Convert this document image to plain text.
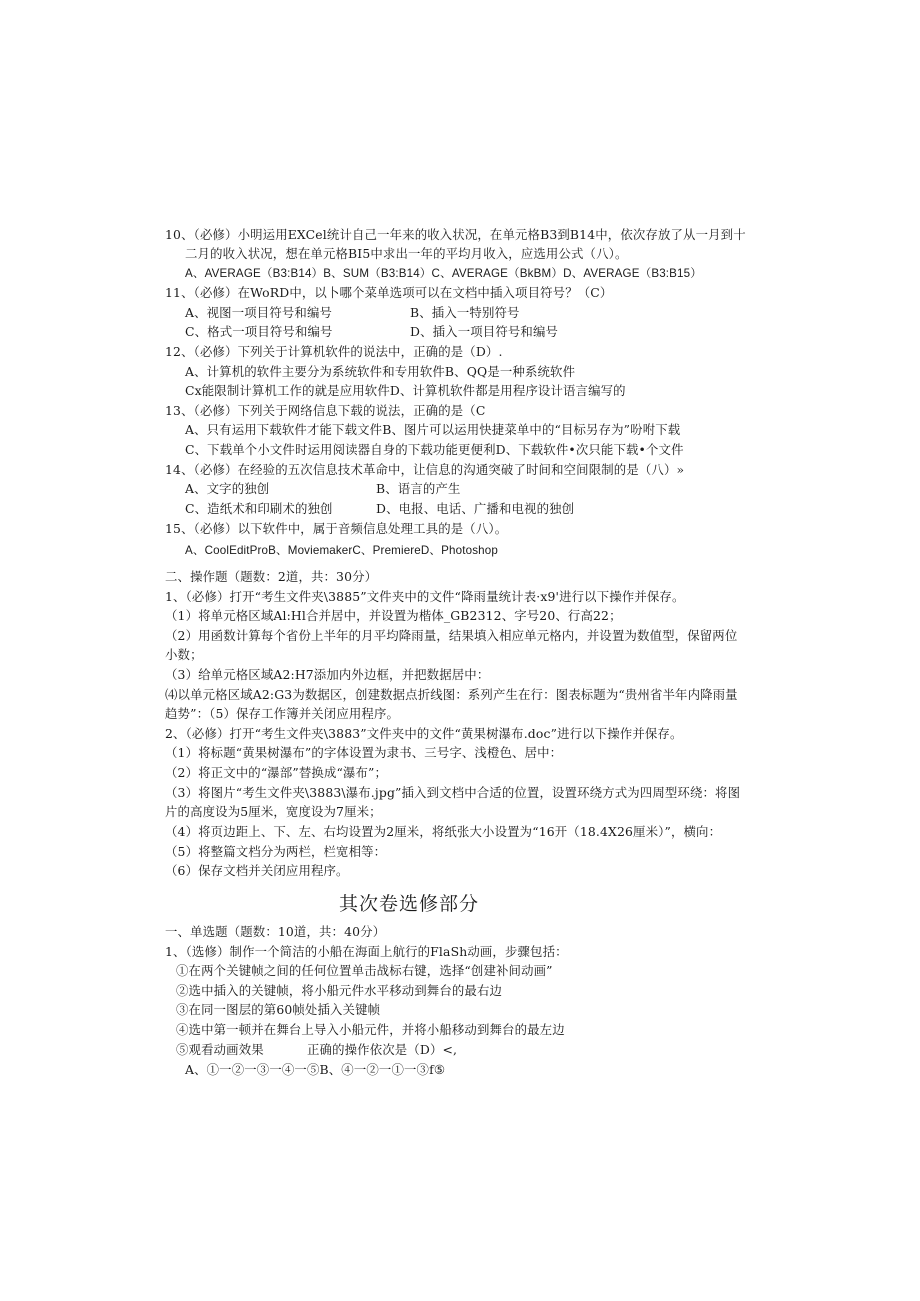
10、（必修）小明运用EXCel统计自己一年来的收入状况，在单元格B3到B14中，依次存放了从一月到十
二月的收入状况，想在单元格BI5中求出一年的平均月收入，应选用公式（八）。
A、AVERAGE（B3:B14）B、SUM（B3:B14）C、AVERAGE（BkBM）D、AVERAGE（B3:B15）
11、（必修）在WoRD中，以卜哪个菜单选项可以在文档中插入项目符号？（C）
A、视图一项目符号和编号	B、插入一特别符号
C、格式一项目符号和编号	D、插入一项目符号和编号
12、（必修）下列关于计算机软件的说法中，正确的是（D）.
A、计算机的软件主要分为系统软件和专用软件B、QQ是一种系统软件
Cx能限制计算机工作的就是应用软件D、计算机软件都是用程序设计语言编写的
13、（必修）下列关于网络信息下载的说法，正确的是（C
A、只有运用下载软件才能下载文件B、图片可以运用快捷菜单中的“目标另存为”吩咐下载
C、下载单个小文件时运用阅读器自身的下载功能更便利D、下载软件•次只能下载•个文件
14、（必修）在经验的五次信息技术革命中，让信息的沟通突破了时间和空间限制的是（八）»
A、文字的独创	B、语言的产生
C、造纸术和印刷术的独创	D、电报、电话、广播和电视的独创
15、（必修）以下软件中，属于音频信息处理工具的是（八）。
A、CoolEditProB、MoviemakerC、PremiereD、Photoshop
二、操作题（题数：2道，共：30分）
1、（必修）打开“考生文件夹\3885”文件夹中的文件“降雨量统计表·x9'进行以下操作并保存。
（1）将单元格区域Al:Hl合并居中，并设置为楷体_GB2312、字号20、行高22；
（2）用函数计算每个省份上半年的月平均降雨量，结果填入相应单元格内，并设置为数值型，保留两位
小数；
（3）给单元格区域A2:H7添加内外边框，并把数据居中：
⑷以单元格区域A2:G3为数据区，创建数据点折线图：系列产生在行：图表标题为“贵州省半年内降雨量
趋势”：（5）保存工作簿并关闭应用程序。
2、（必修）打开“考生文件夹\3883”文件夹中的文件“黄果树瀑布.doc”进行以下操作并保存。
（1）将标题“黄果树瀑布”的字体设置为隶书、三号字、浅橙色、居中：
（2）将正文中的“瀑部”替换成“瀑布”；
（3）将图片“考生文件夹\3883\瀑布.jpg”插入到文档中合适的位置，设置环绕方式为四周型环绕：将图
片的高度设为5厘米，宽度设为7厘米；
（4）将页边距上、下、左、右均设置为2厘米，将纸张大小设置为“16开（18.4X26厘米）”，横向：
（5）将整篇文档分为两栏，栏宽相等：
（6）保存文档并关闭应用程序。
其次卷选修部分
一、单选题（题数：10道，共：40分）
1、（选修）制作一个简洁的小船在海面上航行的FlaSh动画，步骤包括：
①在两个关键帧之间的任何位置单击战标右键，选择“创建补间动画”
②选中插入的关键帧，将小船元件水平移动到舞台的最右边
③在同一图层的第60帧处插入关键帧
④选中第一顿并在舞台上导入小船元件，并将小船移动到舞台的最左边
⑤观看动画效果	正确的操作依次是（D）<,
A、①一②一③一④一⑤B、④一②一①一③f⑤
